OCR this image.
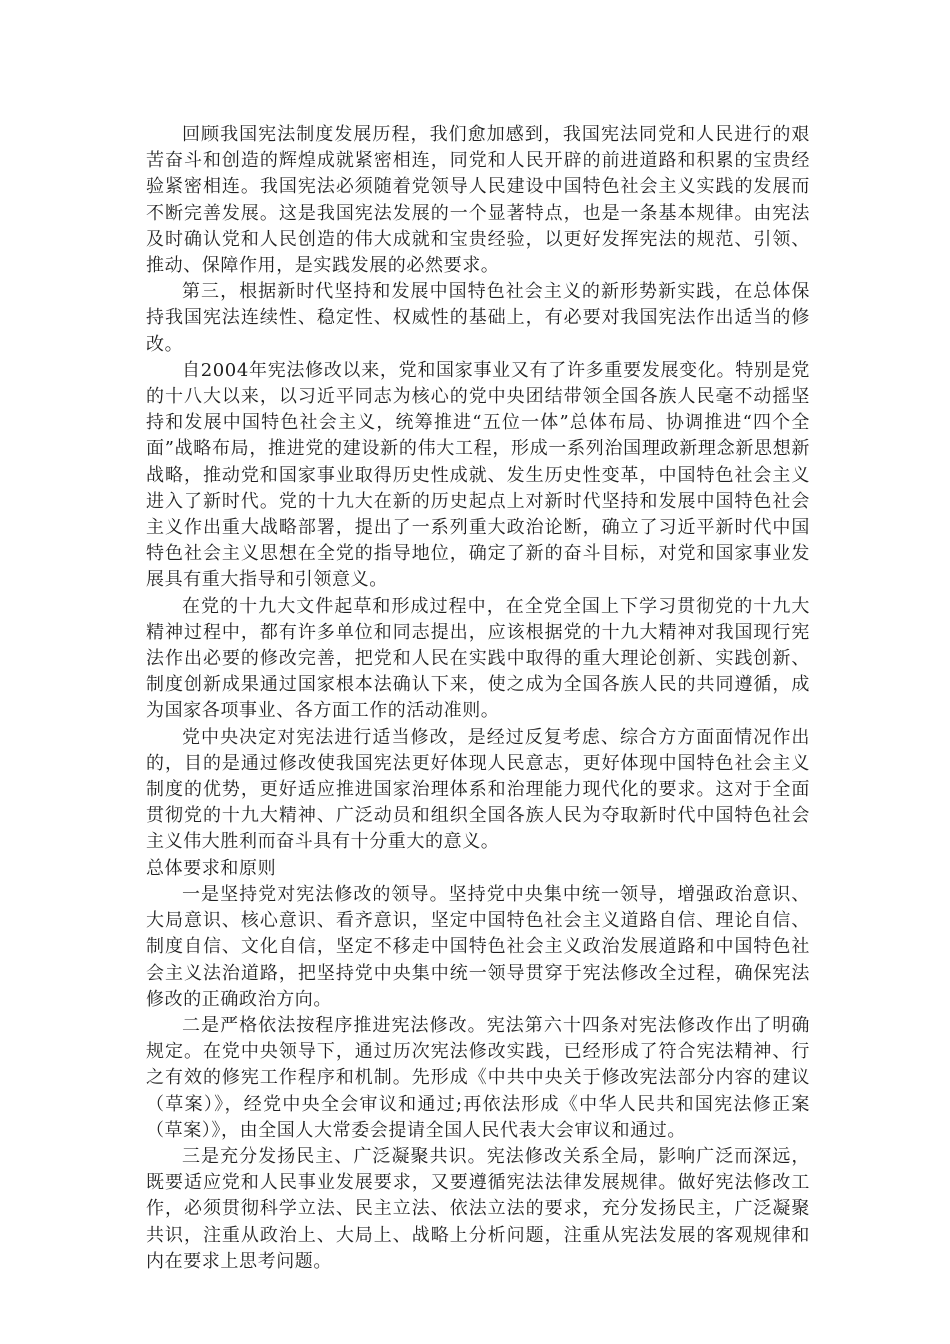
回顾我国宪法制度发展历程，我们愈加感到，我国宪法同党和人民进行的艰苦奋斗和创造的辉煌成就紧密相连，同党和人民开辟的前进道路和积累的宝贵经验紧密相连。我国宪法必须随着党领导人民建设中国特色社会主义实践的发展而不断完善发展。这是我国宪法发展的一个显著特点，也是一条基本规律。由宪法及时确认党和人民创造的伟大成就和宝贵经验，以更好发挥宪法的规范、引领、推动、保障作用，是实践发展的必然要求。

第三，根据新时代坚持和发展中国特色社会主义的新形势新实践，在总体保持我国宪法连续性、稳定性、权威性的基础上，有必要对我国宪法作出适当的修改。

自2004年宪法修改以来，党和国家事业又有了许多重要发展变化。特别是党的十八大以来，以习近平同志为核心的党中央团结带领全国各族人民毫不动摇坚持和发展中国特色社会主义，统筹推进“五位一体”总体布局、协调推进“四个全面”战略布局，推进党的建设新的伟大工程，形成一系列治国理政新理念新思想新战略，推动党和国家事业取得历史性成就、发生历史性变革，中国特色社会主义进入了新时代。党的十九大在新的历史起点上对新时代坚持和发展中国特色社会主义作出重大战略部署，提出了一系列重大政治论断，确立了习近平新时代中国特色社会主义思想在全党的指导地位，确定了新的奋斗目标，对党和国家事业发展具有重大指导和引领意义。

在党的十九大文件起草和形成过程中，在全党全国上下学习贯彻党的十九大精神过程中，都有许多单位和同志提出，应该根据党的十九大精神对我国现行宪法作出必要的修改完善，把党和人民在实践中取得的重大理论创新、实践创新、制度创新成果通过国家根本法确认下来，使之成为全国各族人民的共同遵循，成为国家各项事业、各方面工作的活动准则。

党中央决定对宪法进行适当修改，是经过反复考虑、综合方方面面情况作出的，目的是通过修改使我国宪法更好体现人民意志，更好体现中国特色社会主义制度的优势，更好适应推进国家治理体系和治理能力现代化的要求。这对于全面贯彻党的十九大精神、广泛动员和组织全国各族人民为夺取新时代中国特色社会主义伟大胜利而奋斗具有十分重大的意义。

总体要求和原则

一是坚持党对宪法修改的领导。坚持党中央集中统一领导，增强政治意识、大局意识、核心意识、看齐意识，坚定中国特色社会主义道路自信、理论自信、制度自信、文化自信，坚定不移走中国特色社会主义政治发展道路和中国特色社会主义法治道路，把坚持党中央集中统一领导贯穿于宪法修改全过程，确保宪法修改的正确政治方向。

二是严格依法按程序推进宪法修改。宪法第六十四条对宪法修改作出了明确规定。在党中央领导下，通过历次宪法修改实践，已经形成了符合宪法精神、行之有效的修宪工作程序和机制。先形成《中共中央关于修改宪法部分内容的建议（草案）》，经党中央全会审议和通过;再依法形成《中华人民共和国宪法修正案（草案）》，由全国人大常委会提请全国人民代表大会审议和通过。

三是充分发扬民主、广泛凝聚共识。宪法修改关系全局，影响广泛而深远，既要适应党和人民事业发展要求，又要遵循宪法法律发展规律。做好宪法修改工作，必须贯彻科学立法、民主立法、依法立法的要求，充分发扬民主，广泛凝聚共识，注重从政治上、大局上、战略上分析问题，注重从宪法发展的客观规律和内在要求上思考问题。
